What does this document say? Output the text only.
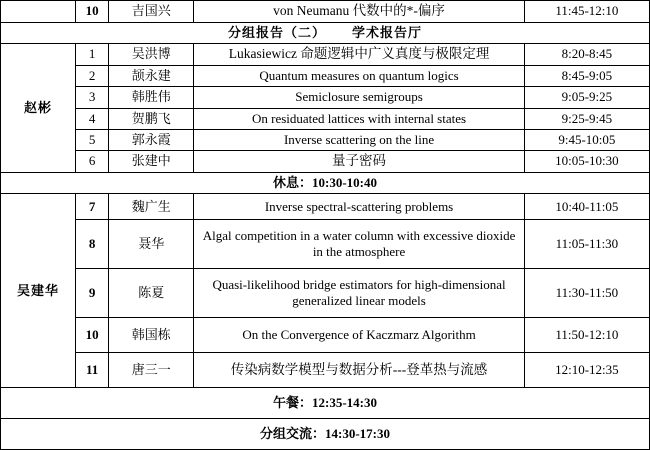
	10	吉国兴	von Neumanu 代数中的*-偏序	11:45-12:10
分组报告（二） 学术报告厅				
赵彬	1	吴洪博	Lukasiewicz 命题逻辑中广义真度与极限定理	8:20-8:45
	2	颉永建	Quantum measures on quantum logics	8:45-9:05
	3	韩胜伟	Semiclosure semigroups	9:05-9:25
	4	贺鹏飞	On residuated lattices with internal states	9:25-9:45
	5	郭永霞	Inverse scattering on the line	9:45-10:05
	6	张建中	量子密码	10:05-10:30
休息：10:30-10:40				
吴建华	7	魏广生	Inverse spectral-scattering problems	10:40-11:05
	8	聂华	Algal competition in a water column with excessive dioxide in the atmosphere	11:05-11:30
	9	陈夏	Quasi-likelihood bridge estimators for high-dimensional generalized linear models	11:30-11:50
	10	韩国栋	On the Convergence of Kaczmarz Algorithm	11:50-12:10
	11	唐三一	传染病数学模型与数据分析---登革热与流感	12:10-12:35
午餐：12:35-14:30				
分组交流：14:30-17:30				
